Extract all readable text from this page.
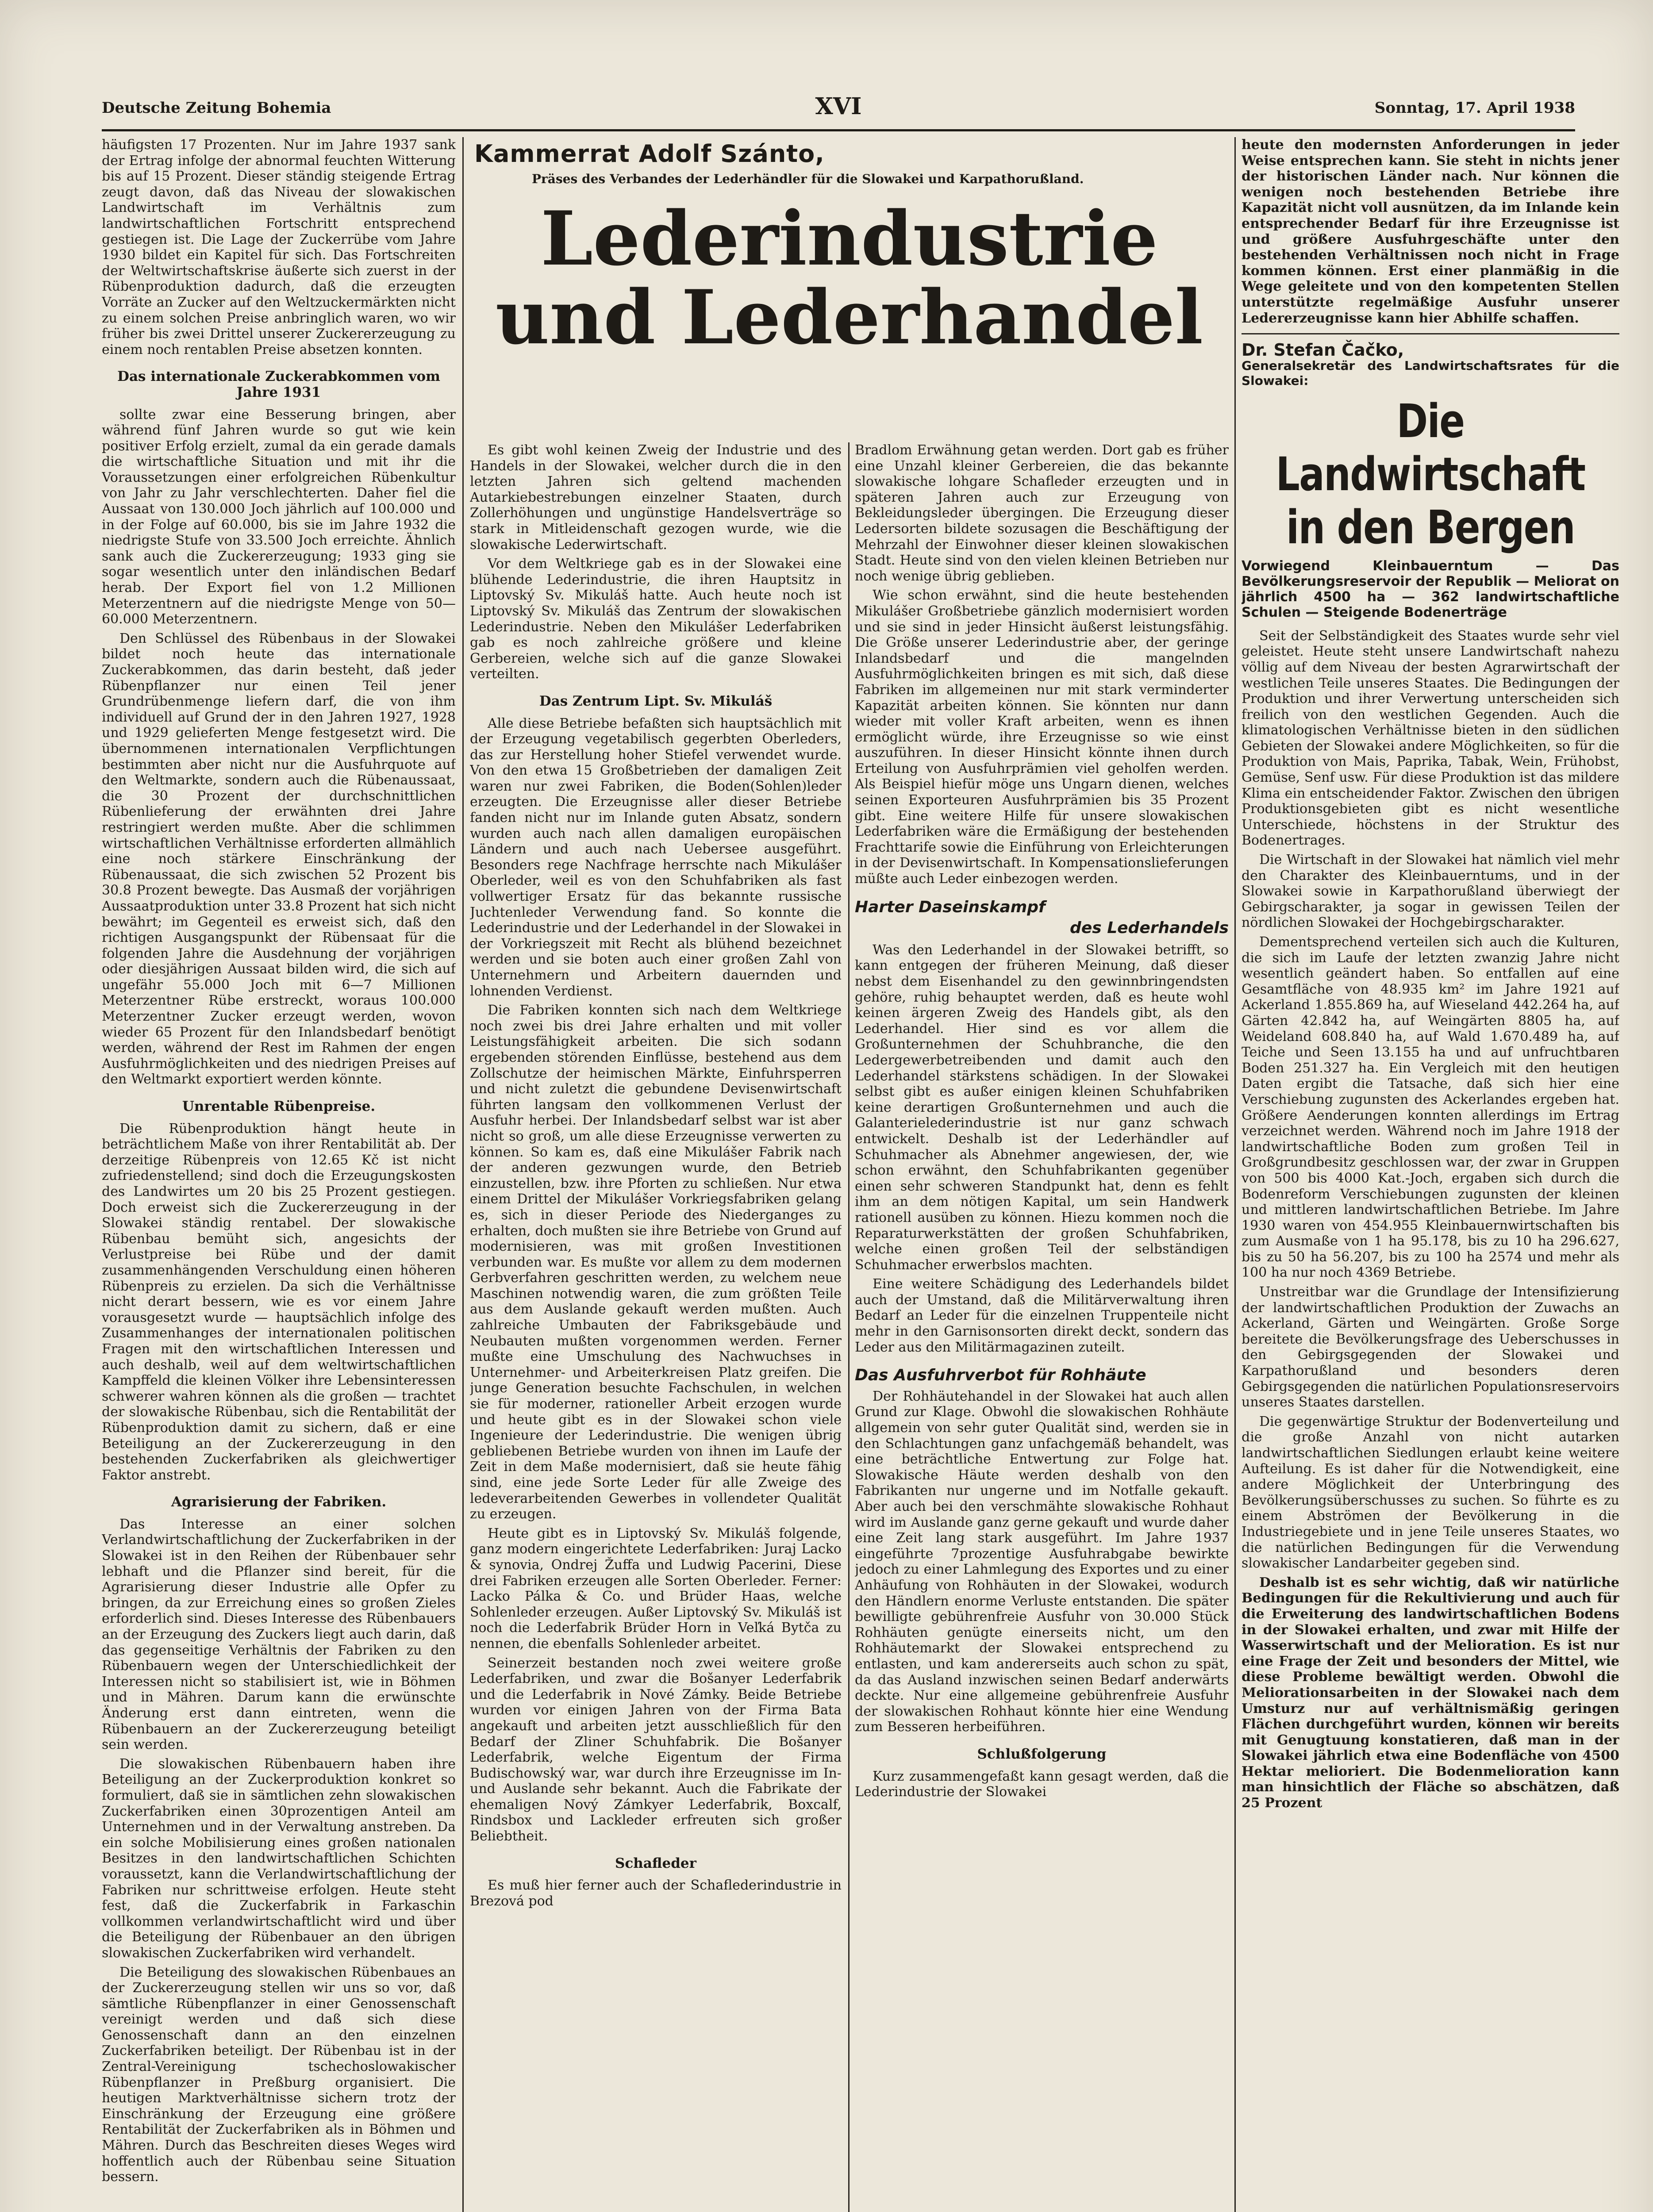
Deutsche Zeitung Bohemia	XVI	Sonntag, 17. April 1938

häufigsten 17 Prozenten. Nur im Jahre 1937 sank der Ertrag infolge der abnormal feuchten Witterung bis auf 15 Prozent. Dieser ständig steigende Ertrag zeugt davon, daß das Niveau der slowakischen Landwirtschaft im Verhältnis zum landwirtschaftlichen Fortschritt entsprechend gestiegen ist. Die Lage der Zuckerrübe vom Jahre 1930 bildet ein Kapitel für sich. Das Fortschreiten der Weltwirtschaftskrise äußerte sich zuerst in der Rübenproduktion dadurch, daß die erzeugten Vorräte an Zucker auf den Weltzuckermärkten nicht zu einem solchen Preise anbringlich waren, wo wir früher bis zwei Drittel unserer Zuckererzeugung zu einem noch rentablen Preise absetzen konnten.

Das internationale Zuckerabkommen vom Jahre 1931

sollte zwar eine Besserung bringen, aber während fünf Jahren wurde so gut wie kein positiver Erfolg erzielt, zumal da ein gerade damals die wirtschaftliche Situation und mit ihr die Voraussetzungen einer erfolgreichen Rübenkultur von Jahr zu Jahr verschlechterten. Daher fiel die Aussaat von 130.000 Joch jährlich auf 100.000 und in der Folge auf 60.000, bis sie im Jahre 1932 die niedrigste Stufe von 33.500 Joch erreichte. Ähnlich sank auch die Zuckererzeugung; 1933 ging sie sogar wesentlich unter den inländischen Bedarf herab. Der Export fiel von 1.2 Millionen Meterzentnern auf die niedrigste Menge von 50—60.000 Meterzentnern.

Den Schlüssel des Rübenbaus in der Slowakei bildet noch heute das internationale Zuckerabkommen, das darin besteht, daß jeder Rübenpflanzer nur einen Teil jener Grundrübenmenge liefern darf, die von ihm individuell auf Grund der in den Jahren 1927, 1928 und 1929 gelieferten Menge festgesetzt wird. Die übernommenen internationalen Verpflichtungen bestimmten aber nicht nur die Ausfuhrquote auf den Weltmarkte, sondern auch die Rübenaussaat, die 30 Prozent der durchschnittlichen Rübenlieferung der erwähnten drei Jahre restringiert werden mußte. Aber die schlimmen wirtschaftlichen Verhältnisse erforderten allmählich eine noch stärkere Einschränkung der Rübenaussaat, die sich zwischen 52 Prozent bis 30.8 Prozent bewegte. Das Ausmaß der vorjährigen Aussaatproduktion unter 33.8 Prozent hat sich nicht bewährt; im Gegenteil es erweist sich, daß den richtigen Ausgangspunkt der Rübensaat für die folgenden Jahre die Ausdehnung der vorjährigen oder diesjährigen Aussaat bilden wird, die sich auf ungefähr 55.000 Joch mit 6—7 Millionen Meterzentner Rübe erstreckt, woraus 100.000 Meterzentner Zucker erzeugt werden, wovon wieder 65 Prozent für den Inlandsbedarf benötigt werden, während der Rest im Rahmen der engen Ausfuhrmöglichkeiten und des niedrigen Preises auf den Weltmarkt exportiert werden könnte.

Unrentable Rübenpreise.

Die Rübenproduktion hängt heute in beträchtlichem Maße von ihrer Rentabilität ab. Der derzeitige Rübenpreis von 12.65 Kč ist nicht zufriedenstellend; sind doch die Erzeugungskosten des Landwirtes um 20 bis 25 Prozent gestiegen. Doch erweist sich die Zuckererzeugung in der Slowakei ständig rentabel. Der slowakische Rübenbau bemüht sich, angesichts der Verlustpreise bei Rübe und der damit zusammenhängenden Verschuldung einen höheren Rübenpreis zu erzielen. Da sich die Verhältnisse nicht derart bessern, wie es vor einem Jahre vorausgesetzt wurde — hauptsächlich infolge des Zusammenhanges der internationalen politischen Fragen mit den wirtschaftlichen Interessen und auch deshalb, weil auf dem weltwirtschaftlichen Kampffeld die kleinen Völker ihre Lebensinteressen schwerer wahren können als die großen — trachtet der slowakische Rübenbau, sich die Rentabilität der Rübenproduktion damit zu sichern, daß er eine Beteiligung an der Zuckererzeugung in den bestehenden Zuckerfabriken als gleichwertiger Faktor anstrebt.

Agrarisierung der Fabriken.

Das Interesse an einer solchen Verlandwirtschaftlichung der Zuckerfabriken in der Slowakei ist in den Reihen der Rübenbauer sehr lebhaft und die Pflanzer sind bereit, für die Agrarisierung dieser Industrie alle Opfer zu bringen, da zur Erreichung eines so großen Zieles erforderlich sind. Dieses Interesse des Rübenbauers an der Erzeugung des Zuckers liegt auch darin, daß das gegenseitige Verhältnis der Fabriken zu den Rübenbauern wegen der Unterschiedlichkeit der Interessen nicht so stabilisiert ist, wie in Böhmen und in Mähren. Darum kann die erwünschte Änderung erst dann eintreten, wenn die Rübenbauern an der Zuckererzeugung beteiligt sein werden.

Die slowakischen Rübenbauern haben ihre Beteiligung an der Zuckerproduktion konkret so formuliert, daß sie in sämtlichen zehn slowakischen Zuckerfabriken einen 30prozentigen Anteil am Unternehmen und in der Verwaltung anstreben. Da ein solche Mobilisierung eines großen nationalen Besitzes in den landwirtschaftlichen Schichten voraussetzt, kann die Verlandwirtschaftlichung der Fabriken nur schrittweise erfolgen. Heute steht fest, daß die Zuckerfabrik in Farkaschin vollkommen verlandwirtschaftlicht wird und über die Beteiligung der Rübenbauer an den übrigen slowakischen Zuckerfabriken wird verhandelt.

Die Beteiligung des slowakischen Rübenbaues an der Zuckererzeugung stellen wir uns so vor, daß sämtliche Rübenpflanzer in einer Genossenschaft vereinigt werden und daß sich diese Genossenschaft dann an den einzelnen Zuckerfabriken beteiligt. Der Rübenbau ist in der Zentral-Vereinigung tschechoslowakischer Rübenpflanzer in Preßburg organisiert. Die heutigen Marktverhältnisse sichern trotz der Einschränkung der Erzeugung eine größere Rentabilität der Zuckerfabriken als in Böhmen und Mähren. Durch das Beschreiten dieses Weges wird hoffentlich auch der Rübenbau seine Situation bessern.

Kammerrat Adolf Szánto,
Präses des Verbandes der Lederhändler für die Slowakei und Karpathorußland.
Lederindustrie
und Lederhandel

Es gibt wohl keinen Zweig der Industrie und des Handels in der Slowakei, welcher durch die in den letzten Jahren sich geltend machenden Autarkiebestrebungen einzelner Staaten, durch Zollerhöhungen und ungünstige Handelsverträge so stark in Mitleidenschaft gezogen wurde, wie die slowakische Lederwirtschaft.

Vor dem Weltkriege gab es in der Slowakei eine blühende Lederindustrie, die ihren Hauptsitz in Liptovský Sv. Mikuláš hatte. Auch heute noch ist Liptovský Sv. Mikuláš das Zentrum der slowakischen Lederindustrie. Neben den Mikulášer Lederfabriken gab es noch zahlreiche größere und kleine Gerbereien, welche sich auf die ganze Slowakei verteilten.

Das Zentrum Lipt. Sv. Mikuláš

Alle diese Betriebe befaßten sich hauptsächlich mit der Erzeugung vegetabilisch gegerbten Oberleders, das zur Herstellung hoher Stiefel verwendet wurde. Von den etwa 15 Großbetrieben der damaligen Zeit waren nur zwei Fabriken, die Boden(Sohlen)leder erzeugten. Die Erzeugnisse aller dieser Betriebe fanden nicht nur im Inlande guten Absatz, sondern wurden auch nach allen damaligen europäischen Ländern und auch nach Uebersee ausgeführt. Besonders rege Nachfrage herrschte nach Mikulášer Oberleder, weil es von den Schuhfabriken als fast vollwertiger Ersatz für das bekannte russische Juchtenleder Verwendung fand. So konnte die Lederindustrie und der Lederhandel in der Slowakei in der Vorkriegszeit mit Recht als blühend bezeichnet werden und sie boten auch einer großen Zahl von Unternehmern und Arbeitern dauernden und lohnenden Verdienst.

Die Fabriken konnten sich nach dem Weltkriege noch zwei bis drei Jahre erhalten und mit voller Leistungsfähigkeit arbeiten. Die sich sodann ergebenden störenden Einflüsse, bestehend aus dem Zollschutze der heimischen Märkte, Einfuhrsperren und nicht zuletzt die gebundene Devisenwirtschaft führten langsam den vollkommenen Verlust der Ausfuhr herbei. Der Inlandsbedarf selbst war ist aber nicht so groß, um alle diese Erzeugnisse verwerten zu können. So kam es, daß eine Mikulášer Fabrik nach der anderen gezwungen wurde, den Betrieb einzustellen, bzw. ihre Pforten zu schließen. Nur etwa einem Drittel der Mikulášer Vorkriegsfabriken gelang es, sich in dieser Periode des Niederganges zu erhalten, doch mußten sie ihre Betriebe von Grund auf modernisieren, was mit großen Investitionen verbunden war. Es mußte vor allem zu dem modernen Gerbverfahren geschritten werden, zu welchem neue Maschinen notwendig waren, die zum größten Teile aus dem Auslande gekauft werden mußten. Auch zahlreiche Umbauten der Fabriksgebäude und Neubauten mußten vorgenommen werden. Ferner mußte eine Umschulung des Nachwuchses in Unternehmer- und Arbeiterkreisen Platz greifen. Die junge Generation besuchte Fachschulen, in welchen sie für moderner, rationeller Arbeit erzogen wurde und heute gibt es in der Slowakei schon viele Ingenieure der Lederindustrie. Die wenigen übrig gebliebenen Betriebe wurden von ihnen im Laufe der Zeit in dem Maße modernisiert, daß sie heute fähig sind, eine jede Sorte Leder für alle Zweige des ledeverarbeitenden Gewerbes in vollendeter Qualität zu erzeugen.

Heute gibt es in Liptovský Sv. Mikuláš folgende, ganz modern eingerichtete Lederfabriken: Juraj Lacko & synovia, Ondrej Žuffa und Ludwig Pacerini, Diese drei Fabriken erzeugen alle Sorten Oberleder. Ferner: Lacko Pálka & Co. und Brüder Haas, welche Sohlenleder erzeugen. Außer Liptovský Sv. Mikuláš ist noch die Lederfabrik Brüder Horn in Veľká Bytča zu nennen, die ebenfalls Sohlenleder arbeitet.

Seinerzeit bestanden noch zwei weitere große Lederfabriken, und zwar die Bošanyer Lederfabrik und die Lederfabrik in Nové Zámky. Beide Betriebe wurden vor einigen Jahren von der Firma Bata angekauft und arbeiten jetzt ausschließlich für den Bedarf der Zliner Schuhfabrik. Die Bošanyer Lederfabrik, welche Eigentum der Firma Budischowský war, war durch ihre Erzeugnisse im In- und Auslande sehr bekannt. Auch die Fabrikate der ehemaligen Nový Zámkyer Lederfabrik, Boxcalf, Rindsbox und Lackleder erfreuten sich großer Beliebtheit.

Schafleder

Es muß hier ferner auch der Schaflederindustrie in Brezová pod

Bradlom Erwähnung getan werden. Dort gab es früher eine Unzahl kleiner Gerbereien, die das bekannte slowakische lohgare Schafleder erzeugten und in späteren Jahren auch zur Erzeugung von Bekleidungsleder übergingen. Die Erzeugung dieser Ledersorten bildete sozusagen die Beschäftigung der Mehrzahl der Einwohner dieser kleinen slowakischen Stadt. Heute sind von den vielen kleinen Betrieben nur noch wenige übrig geblieben.

Wie schon erwähnt, sind die heute bestehenden Mikulášer Großbetriebe gänzlich modernisiert worden und sie sind in jeder Hinsicht äußerst leistungsfähig. Die Größe unserer Lederindustrie aber, der geringe Inlandsbedarf und die mangelnden Ausfuhrmöglichkeiten bringen es mit sich, daß diese Fabriken im allgemeinen nur mit stark verminderter Kapazität arbeiten können. Sie könnten nur dann wieder mit voller Kraft arbeiten, wenn es ihnen ermöglicht würde, ihre Erzeugnisse so wie einst auszuführen. In dieser Hinsicht könnte ihnen durch Erteilung von Ausfuhrprämien viel geholfen werden. Als Beispiel hiefür möge uns Ungarn dienen, welches seinen Exporteuren Ausfuhrprämien bis 35 Prozent gibt. Eine weitere Hilfe für unsere slowakischen Lederfabriken wäre die Ermäßigung der bestehenden Frachttarife sowie die Einführung von Erleichterungen in der Devisenwirtschaft. In Kompensationslieferungen müßte auch Leder einbezogen werden.

Harter Daseinskampf
des Lederhandels

Was den Lederhandel in der Slowakei betrifft, so kann entgegen der früheren Meinung, daß dieser nebst dem Eisenhandel zu den gewinnbringendsten gehöre, ruhig behauptet werden, daß es heute wohl keinen ärgeren Zweig des Handels gibt, als den Lederhandel. Hier sind es vor allem die Großunternehmen der Schuhbranche, die den Ledergewerbetreibenden und damit auch den Lederhandel stärkstens schädigen. In der Slowakei selbst gibt es außer einigen kleinen Schuhfabriken keine derartigen Großunternehmen und auch die Galanterielederindustrie ist nur ganz schwach entwickelt. Deshalb ist der Lederhändler auf Schuhmacher als Abnehmer angewiesen, der, wie schon erwähnt, den Schuhfabrikanten gegenüber einen sehr schweren Standpunkt hat, denn es fehlt ihm an dem nötigen Kapital, um sein Handwerk rationell ausüben zu können. Hiezu kommen noch die Reparaturwerkstätten der großen Schuhfabriken, welche einen großen Teil der selbständigen Schuhmacher erwerbslos machten.

Eine weitere Schädigung des Lederhandels bildet auch der Umstand, daß die Militärverwaltung ihren Bedarf an Leder für die einzelnen Truppenteile nicht mehr in den Garnisonsorten direkt deckt, sondern das Leder aus den Militärmagazinen zuteilt.

Das Ausfuhrverbot für Rohhäute

Der Rohhäutehandel in der Slowakei hat auch allen Grund zur Klage. Obwohl die slowakischen Rohhäute allgemein von sehr guter Qualität sind, werden sie in den Schlachtungen ganz unfachgemäß behandelt, was eine beträchtliche Entwertung zur Folge hat. Slowakische Häute werden deshalb von den Fabrikanten nur ungerne und im Notfalle gekauft. Aber auch bei den verschmähte slowakische Rohhaut wird im Auslande ganz gerne gekauft und wurde daher eine Zeit lang stark ausgeführt. Im Jahre 1937 eingeführte 7prozentige Ausfuhrabgabe bewirkte jedoch zu einer Lahmlegung des Exportes und zu einer Anhäufung von Rohhäuten in der Slowakei, wodurch den Händlern enorme Verluste entstanden. Die später bewilligte gebührenfreie Ausfuhr von 30.000 Stück Rohhäuten genügte einerseits nicht, um den Rohhäutemarkt der Slowakei entsprechend zu entlasten, und kam andererseits auch schon zu spät, da das Ausland inzwischen seinen Bedarf anderwärts deckte. Nur eine allgemeine gebührenfreie Ausfuhr der slowakischen Rohhaut könnte hier eine Wendung zum Besseren herbeiführen.

Schlußfolgerung

Kurz zusammengefaßt kann gesagt werden, daß die Lederindustrie der Slowakei

heute den modernsten Anforderungen in jeder Weise entsprechen kann. Sie steht in nichts jener der historischen Länder nach. Nur können die wenigen noch bestehenden Betriebe ihre Kapazität nicht voll ausnützen, da im Inlande kein entsprechender Bedarf für ihre Erzeugnisse ist und größere Ausfuhrgeschäfte unter den bestehenden Verhältnissen noch nicht in Frage kommen können. Erst einer planmäßig in die Wege geleitete und von den kompetenten Stellen unterstützte regelmäßige Ausfuhr unserer Ledererzeugnisse kann hier Abhilfe schaffen.

Dr. Stefan Čačko,
Generalsekretär des Landwirtschaftsrates für die Slowakei:
Die Landwirtschaft
in den Bergen
Vorwiegend Kleinbauerntum — Das Bevölkerungsreservoir der Republik — Meliorat on jährlich 4500 ha — 362 landwirtschaftliche Schulen — Steigende Bodenerträge

Seit der Selbständigkeit des Staates wurde sehr viel geleistet. Heute steht unsere Landwirtschaft nahezu völlig auf dem Niveau der besten Agrarwirtschaft der westlichen Teile unseres Staates. Die Bedingungen der Produktion und ihrer Verwertung unterscheiden sich freilich von den westlichen Gegenden. Auch die klimatologischen Verhältnisse bieten in den südlichen Gebieten der Slowakei andere Möglichkeiten, so für die Produktion von Mais, Paprika, Tabak, Wein, Frühobst, Gemüse, Senf usw. Für diese Produktion ist das mildere Klima ein entscheidender Faktor. Zwischen den übrigen Produktionsgebieten gibt es nicht wesentliche Unterschiede, höchstens in der Struktur des Bodenertrages.

Die Wirtschaft in der Slowakei hat nämlich viel mehr den Charakter des Kleinbauerntums, und in der Slowakei sowie in Karpathorußland überwiegt der Gebirgscharakter, ja sogar in gewissen Teilen der nördlichen Slowakei der Hochgebirgscharakter.

Dementsprechend verteilen sich auch die Kulturen, die sich im Laufe der letzten zwanzig Jahre nicht wesentlich geändert haben. So entfallen auf eine Gesamtfläche von 48.935 km² im Jahre 1921 auf Ackerland 1.855.869 ha, auf Wieseland 442.264 ha, auf Gärten 42.842 ha, auf Weingärten 8805 ha, auf Weideland 608.840 ha, auf Wald 1.670.489 ha, auf Teiche und Seen 13.155 ha und auf unfruchtbaren Boden 251.327 ha. Ein Vergleich mit den heutigen Daten ergibt die Tatsache, daß sich hier eine Verschiebung zugunsten des Ackerlandes ergeben hat. Größere Aenderungen konnten allerdings im Ertrag verzeichnet werden. Während noch im Jahre 1918 der landwirtschaftliche Boden zum großen Teil in Großgrundbesitz geschlossen war, der zwar in Gruppen von 500 bis 4000 Kat.-Joch, ergaben sich durch die Bodenreform Verschiebungen zugunsten der kleinen und mittleren landwirtschaftlichen Betriebe. Im Jahre 1930 waren von 454.955 Kleinbauernwirtschaften bis zum Ausmaße von 1 ha 95.178, bis zu 10 ha 296.627, bis zu 50 ha 56.207, bis zu 100 ha 2574 und mehr als 100 ha nur noch 4369 Betriebe.

Unstreitbar war die Grundlage der Intensifizierung der landwirtschaftlichen Produktion der Zuwachs an Ackerland, Gärten und Weingärten. Große Sorge bereitete die Bevölkerungsfrage des Ueberschusses in den Gebirgsgegenden der Slowakei und Karpathorußland und besonders deren Gebirgsgegenden die natürlichen Populationsreservoirs unseres Staates darstellen.

Die gegenwärtige Struktur der Bodenverteilung und die große Anzahl von nicht autarken landwirtschaftlichen Siedlungen erlaubt keine weitere Aufteilung. Es ist daher für die Notwendigkeit, eine andere Möglichkeit der Unterbringung des Bevölkerungsüberschusses zu suchen. So führte es zu einem Abströmen der Bevölkerung in die Industriegebiete und in jene Teile unseres Staates, wo die natürlichen Bedingungen für die Verwendung slowakischer Landarbeiter gegeben sind.

Deshalb ist es sehr wichtig, daß wir natürliche Bedingungen für die Rekultivierung und auch für die Erweiterung des landwirtschaftlichen Bodens in der Slowakei erhalten, und zwar mit Hilfe der Wasserwirtschaft und der Melioration. Es ist nur eine Frage der Zeit und besonders der Mittel, wie diese Probleme bewältigt werden. Obwohl die Meliorationsarbeiten in der Slowakei nach dem Umsturz nur auf verhältnismäßig geringen Flächen durchgeführt wurden, können wir bereits mit Genugtuung konstatieren, daß man in der Slowakei jährlich etwa eine Bodenfläche von 4500 Hektar melioriert. Die Bodenmelioration kann man hinsichtlich der Fläche so abschätzen, daß 25 Prozent
